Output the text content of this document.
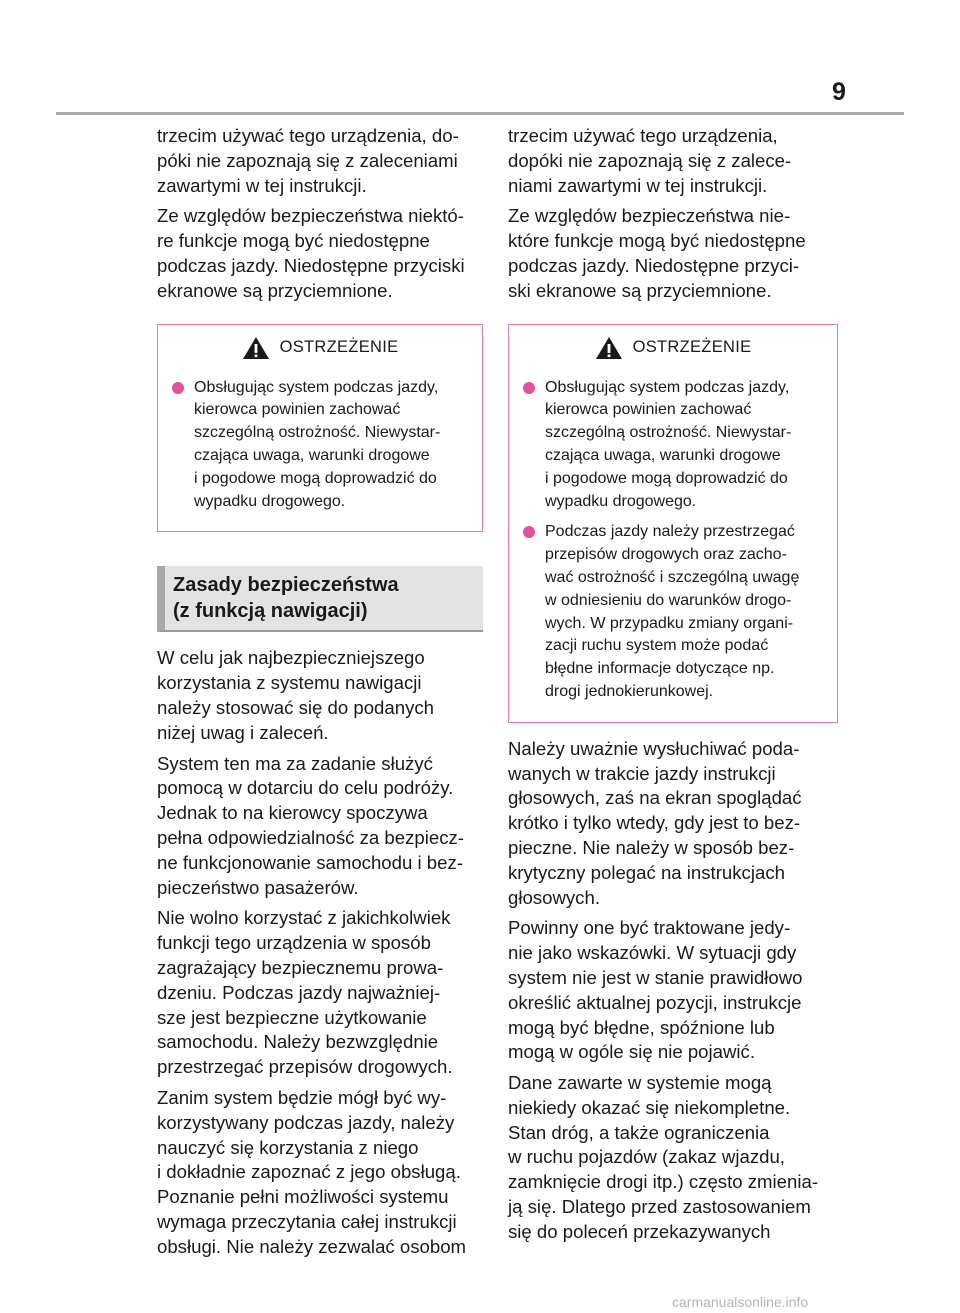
9

trzecim używać tego urządzenia, do-
póki nie zapoznają się z zaleceniami
zawartymi w tej instrukcji.

Ze względów bezpieczeństwa niektó-
re funkcje mogą być niedostępne
podczas jazdy. Niedostępne przyciski
ekranowe są przyciemnione.

OSTRZEŻENIE
Obsługując system podczas jazdy,
kierowca powinien zachować
szczególną ostrożność. Niewystar-
czająca uwaga, warunki drogowe
i pogodowe mogą doprowadzić do
wypadku drogowego.
Zasady bezpieczeństwa
(z funkcją nawigacji)

W celu jak najbezpieczniejszego
korzystania z systemu nawigacji
należy stosować się do podanych
niżej uwag i zaleceń.

System ten ma za zadanie służyć
pomocą w dotarciu do celu podróży.
Jednak to na kierowcy spoczywa
pełna odpowiedzialność za bezpiecz-
ne funkcjonowanie samochodu i bez-
pieczeństwo pasażerów.

Nie wolno korzystać z jakichkolwiek
funkcji tego urządzenia w sposób
zagrażający bezpiecznemu prowa-
dzeniu. Podczas jazdy najważniej-
sze jest bezpieczne użytkowanie
samochodu. Należy bezwzględnie
przestrzegać przepisów drogowych.

Zanim system będzie mógł być wy-
korzystywany podczas jazdy, należy
nauczyć się korzystania z niego
i dokładnie zapoznać z jego obsługą.
Poznanie pełni możliwości systemu
wymaga przeczytania całej instrukcji
obsługi. Nie należy zezwalać osobom

trzecim używać tego urządzenia,
dopóki nie zapoznają się z zalece-
niami zawartymi w tej instrukcji.

Ze względów bezpieczeństwa nie-
które funkcje mogą być niedostępne
podczas jazdy. Niedostępne przyci-
ski ekranowe są przyciemnione.

OSTRZEŻENIE
Obsługując system podczas jazdy,
kierowca powinien zachować
szczególną ostrożność. Niewystar-
czająca uwaga, warunki drogowe
i pogodowe mogą doprowadzić do
wypadku drogowego.
Podczas jazdy należy przestrzegać
przepisów drogowych oraz zacho-
wać ostrożność i szczególną uwagę
w odniesieniu do warunków drogo-
wych. W przypadku zmiany organi-
zacji ruchu system może podać
błędne informacje dotyczące np.
drogi jednokierunkowej.

Należy uważnie wysłuchiwać poda-
wanych w trakcie jazdy instrukcji
głosowych, zaś na ekran spoglądać
krótko i tylko wtedy, gdy jest to bez-
pieczne. Nie należy w sposób bez-
krytyczny polegać na instrukcjach
głosowych.

Powinny one być traktowane jedy-
nie jako wskazówki. W sytuacji gdy
system nie jest w stanie prawidłowo
określić aktualnej pozycji, instrukcje
mogą być błędne, spóźnione lub
mogą w ogóle się nie pojawić.

Dane zawarte w systemie mogą
niekiedy okazać się niekompletne.
Stan dróg, a także ograniczenia
w ruchu pojazdów (zakaz wjazdu,
zamknięcie drogi itp.) często zmienia-
ją się. Dlatego przed zastosowaniem
się do poleceń przekazywanych

carmanualsonline.info
